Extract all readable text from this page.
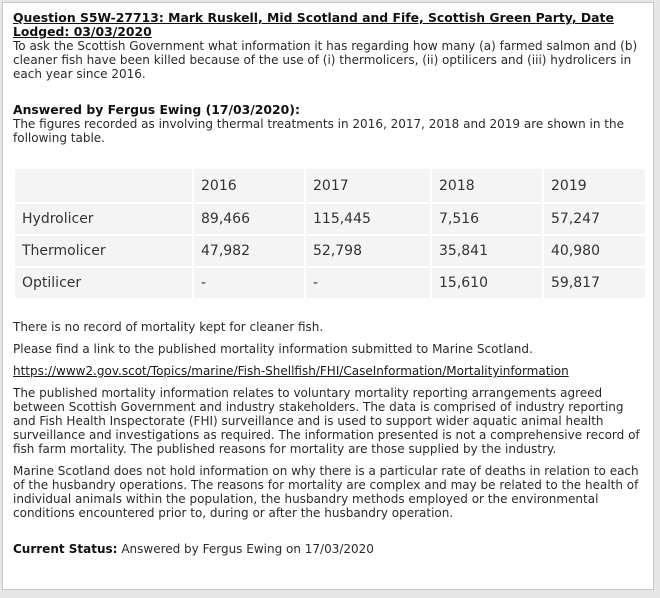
Question S5W-27713: Mark Ruskell, Mid Scotland and Fife, Scottish Green Party, Date Lodged: 03/03/2020

To ask the Scottish Government what information it has regarding how many (a) farmed salmon and (b) cleaner fish have been killed because of the use of (i) thermolicers, (ii) optilicers and (iii) hydrolicers in each year since 2016.

Answered by Fergus Ewing (17/03/2020):

The figures recorded as involving thermal treatments in 2016, 2017, 2018 and 2019 are shown in the following table.

	2016	2017	2018	2019
Hydrolicer	89,466	115,445	7,516	57,247
Thermolicer	47,982	52,798	35,841	40,980
Optilicer	-	-	15,610	59,817

There is no record of mortality kept for cleaner fish.

Please find a link to the published mortality information submitted to Marine Scotland.

https://www2.gov.scot/Topics/marine/Fish-Shellfish/FHI/CaseInformation/Mortalityinformation

The published mortality information relates to voluntary mortality reporting arrangements agreed between Scottish Government and industry stakeholders. The data is comprised of industry reporting and Fish Health Inspectorate (FHI) surveillance and is used to support wider aquatic animal health surveillance and investigations as required. The information presented is not a comprehensive record of fish farm mortality. The published reasons for mortality are those supplied by the industry.

Marine Scotland does not hold information on why there is a particular rate of deaths in relation to each of the husbandry operations. The reasons for mortality are complex and may be related to the health of individual animals within the population, the husbandry methods employed or the environmental conditions encountered prior to, during or after the husbandry operation.

Current Status: Answered by Fergus Ewing on 17/03/2020
